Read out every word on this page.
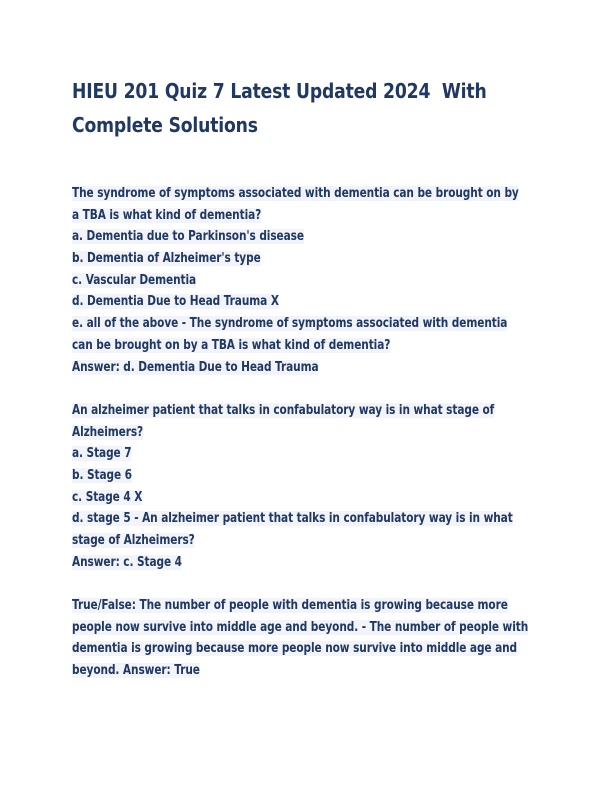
HIEU 201 Quiz 7 Latest Updated 2024  With
Complete Solutions
The syndrome of symptoms associated with dementia can be brought on by
a TBA is what kind of dementia?
a. Dementia due to Parkinson's disease
b. Dementia of Alzheimer's type
c. Vascular Dementia
d. Dementia Due to Head Trauma X
e. all of the above - The syndrome of symptoms associated with dementia
can be brought on by a TBA is what kind of dementia?
Answer: d. Dementia Due to Head Trauma
An alzheimer patient that talks in confabulatory way is in what stage of
Alzheimers?
a. Stage 7
b. Stage 6
c. Stage 4 X
d. stage 5 - An alzheimer patient that talks in confabulatory way is in what
stage of Alzheimers?
Answer: c. Stage 4
True/False: The number of people with dementia is growing because more
people now survive into middle age and beyond. - The number of people with
dementia is growing because more people now survive into middle age and
beyond. Answer: True
